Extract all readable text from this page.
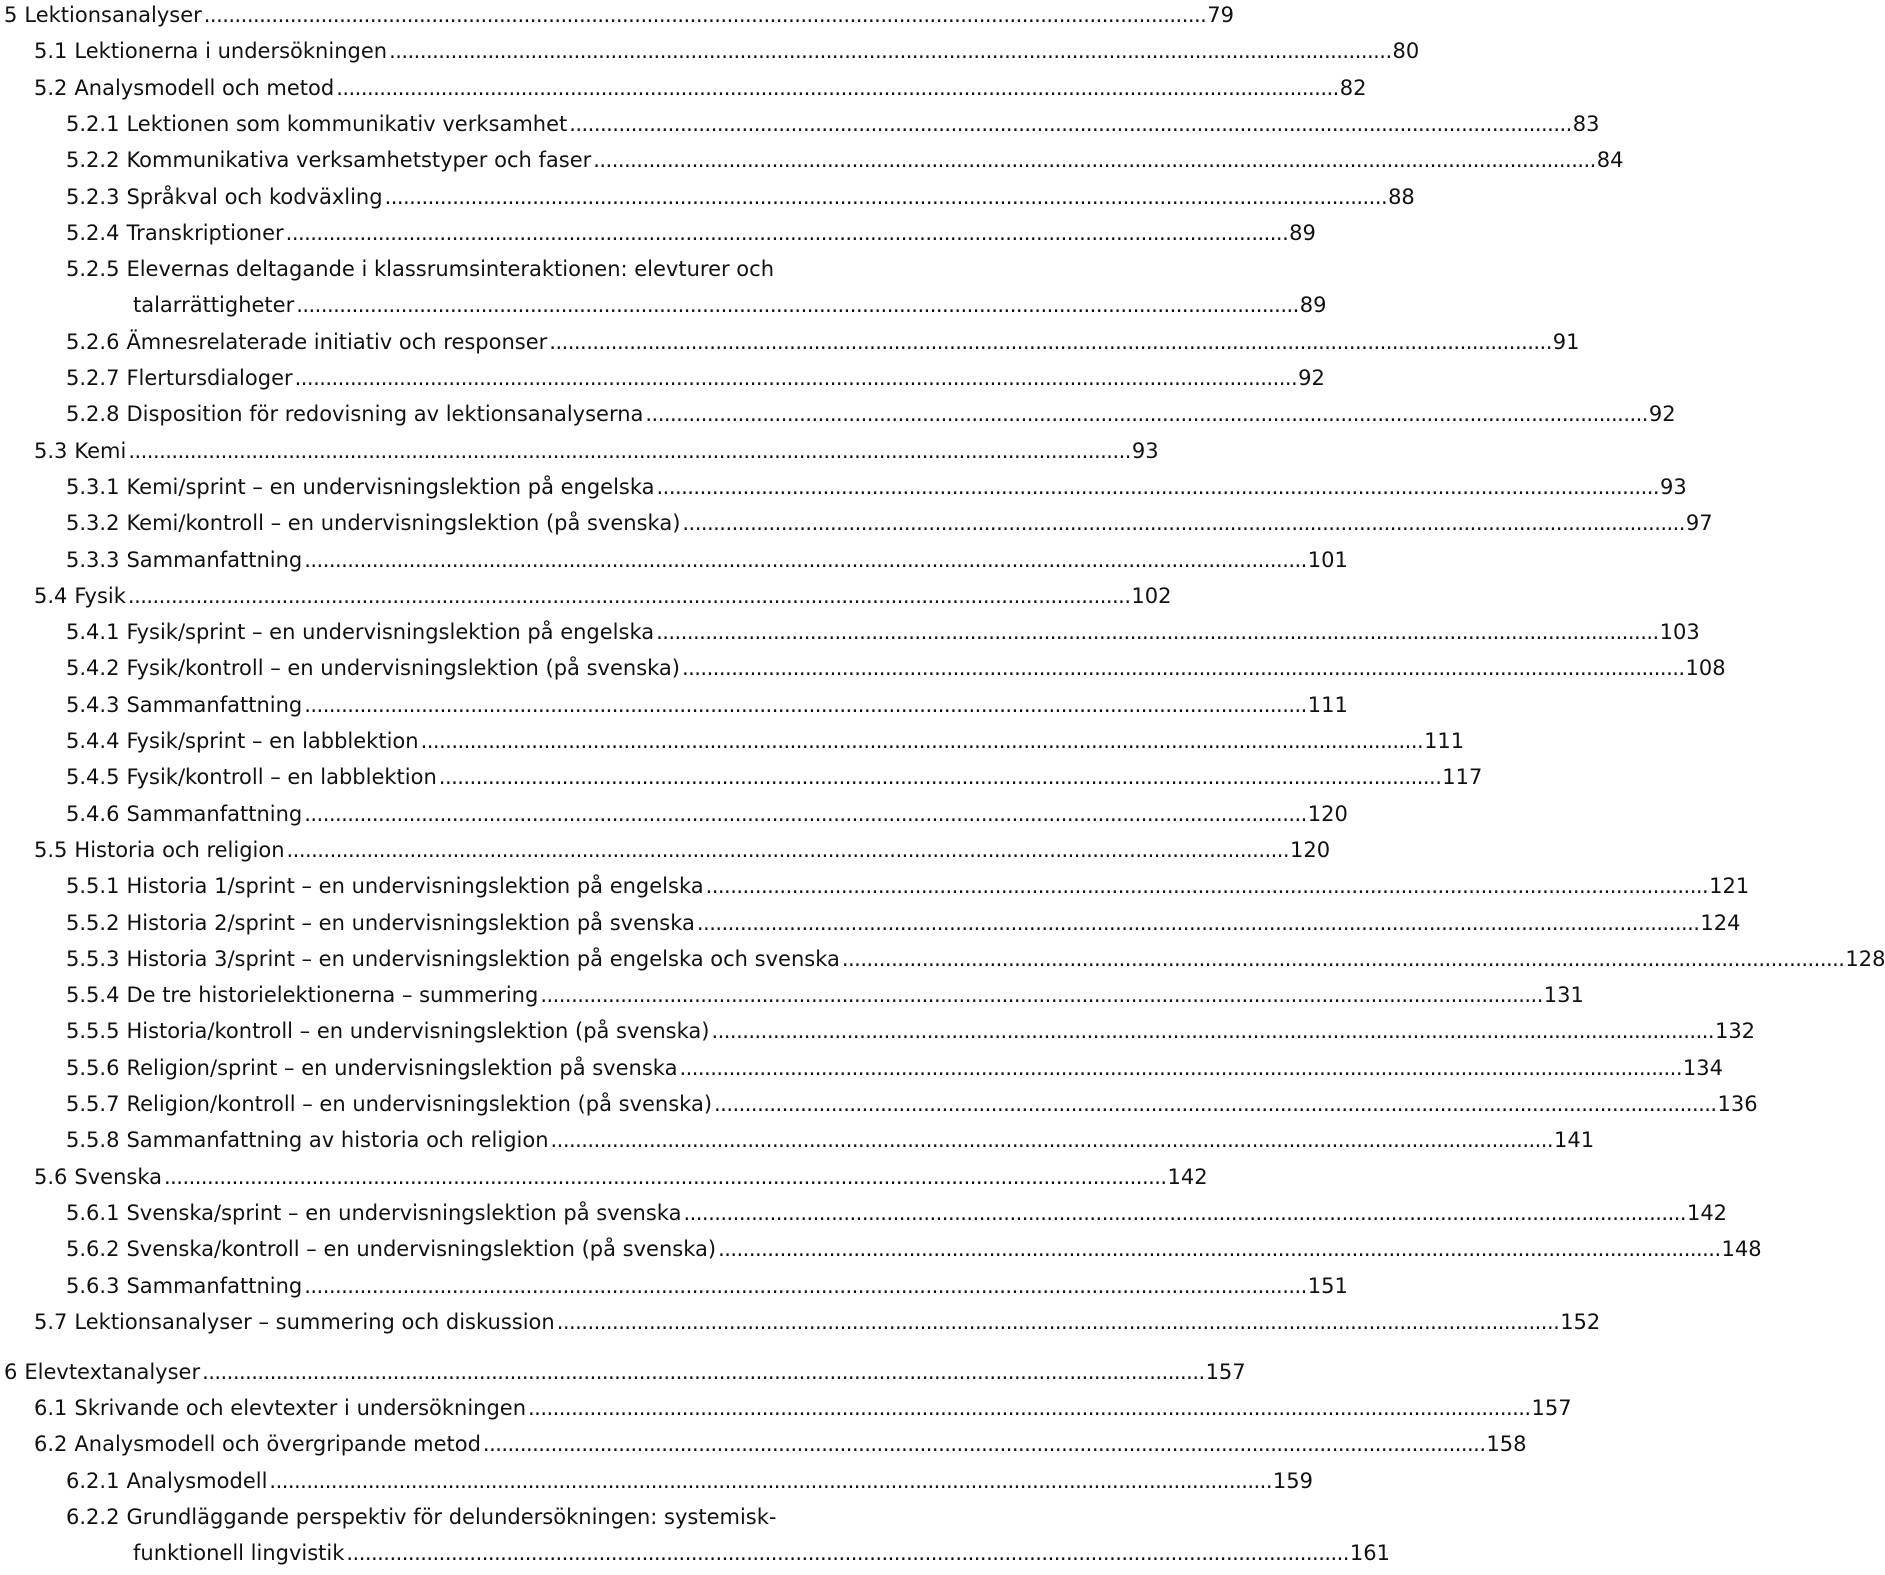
5 Lektionsanalyser . . .	79
5.1 Lektionerna i undersökningen . . .	80
5.2 Analysmodell och metod . . .	82
5.2.1 Lektionen som kommunikativ verksamhet . . .	83
5.2.2 Kommunikativa verksamhetstyper och faser . . .	84
5.2.3 Språkval och kodväxling . . .	88
5.2.4 Transkriptioner . . .	89
5.2.5 Elevernas deltagande i klassrumsinteraktionen: elevturer och
talarrättigheter . . .	89
5.2.6 Ämnesrelaterade initiativ och responser . . .	91
5.2.7 Flertursdialoger . . .	92
5.2.8 Disposition för redovisning av lektionsanalyserna . . .	92
5.3 Kemi . . .	93
5.3.1 Kemi/sprint – en undervisningslektion på engelska . . .	93
5.3.2 Kemi/kontroll – en undervisningslektion (på svenska) . . .	97
5.3.3 Sammanfattning . . .	101
5.4 Fysik . . .	102
5.4.1 Fysik/sprint – en undervisningslektion på engelska . . .	103
5.4.2 Fysik/kontroll – en undervisningslektion (på svenska) . . .	108
5.4.3 Sammanfattning . . .	111
5.4.4 Fysik/sprint – en labblektion . . .	111
5.4.5 Fysik/kontroll – en labblektion . . .	117
5.4.6 Sammanfattning . . .	120
5.5 Historia och religion . . .	120
5.5.1 Historia 1/sprint – en undervisningslektion på engelska . . .	121
5.5.2 Historia 2/sprint – en undervisningslektion på svenska . . .	124
5.5.3 Historia 3/sprint – en undervisningslektion på engelska och svenska . . .	128
5.5.4 De tre historielektionerna – summering . . .	131
5.5.5 Historia/kontroll – en undervisningslektion (på svenska) . . .	132
5.5.6 Religion/sprint – en undervisningslektion på svenska . . .	134
5.5.7 Religion/kontroll – en undervisningslektion (på svenska) . . .	136
5.5.8 Sammanfattning av historia och religion . . .	141
5.6 Svenska . . .	142
5.6.1 Svenska/sprint – en undervisningslektion på svenska . . .	142
5.6.2 Svenska/kontroll – en undervisningslektion (på svenska) . . .	148
5.6.3 Sammanfattning . . .	151
5.7 Lektionsanalyser – summering och diskussion . . .	152
6 Elevtextanalyser . . .	157
6.1 Skrivande och elevtexter i undersökningen . . .	157
6.2 Analysmodell och övergripande metod . . .	158
6.2.1 Analysmodell . . .	159
6.2.2 Grundläggande perspektiv för delundersökningen: systemisk-
funktionell lingvistik . . .	161
